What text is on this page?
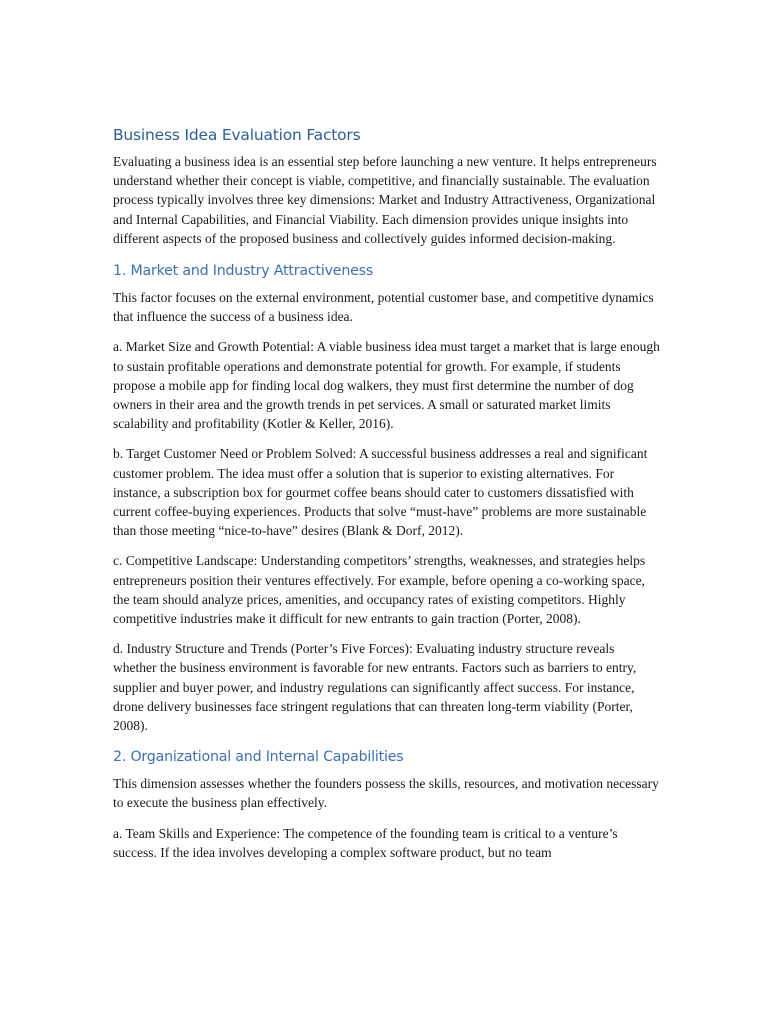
Business Idea Evaluation Factors

Evaluating a business idea is an essential step before launching a new venture. It helps entrepreneurs understand whether their concept is viable, competitive, and financially sustainable. The evaluation process typically involves three key dimensions: Market and Industry Attractiveness, Organizational and Internal Capabilities, and Financial Viability. Each dimension provides unique insights into different aspects of the proposed business and collectively guides informed decision-making.

1. Market and Industry Attractiveness

This factor focuses on the external environment, potential customer base, and competitive dynamics that influence the success of a business idea.

a. Market Size and Growth Potential: A viable business idea must target a market that is large enough to sustain profitable operations and demonstrate potential for growth. For example, if students propose a mobile app for finding local dog walkers, they must first determine the number of dog owners in their area and the growth trends in pet services. A small or saturated market limits scalability and profitability (Kotler & Keller, 2016).

b. Target Customer Need or Problem Solved: A successful business addresses a real and significant customer problem. The idea must offer a solution that is superior to existing alternatives. For instance, a subscription box for gourmet coffee beans should cater to customers dissatisfied with current coffee-buying experiences. Products that solve “must-have” problems are more sustainable than those meeting “nice-to-have” desires (Blank & Dorf, 2012).

c. Competitive Landscape: Understanding competitors’ strengths, weaknesses, and strategies helps entrepreneurs position their ventures effectively. For example, before opening a co-working space, the team should analyze prices, amenities, and occupancy rates of existing competitors. Highly competitive industries make it difficult for new entrants to gain traction (Porter, 2008).

d. Industry Structure and Trends (Porter’s Five Forces): Evaluating industry structure reveals whether the business environment is favorable for new entrants. Factors such as barriers to entry, supplier and buyer power, and industry regulations can significantly affect success. For instance, drone delivery businesses face stringent regulations that can threaten long-term viability (Porter, 2008).

2. Organizational and Internal Capabilities

This dimension assesses whether the founders possess the skills, resources, and motivation necessary to execute the business plan effectively.

a. Team Skills and Experience: The competence of the founding team is critical to a venture’s success. If the idea involves developing a complex software product, but no team
